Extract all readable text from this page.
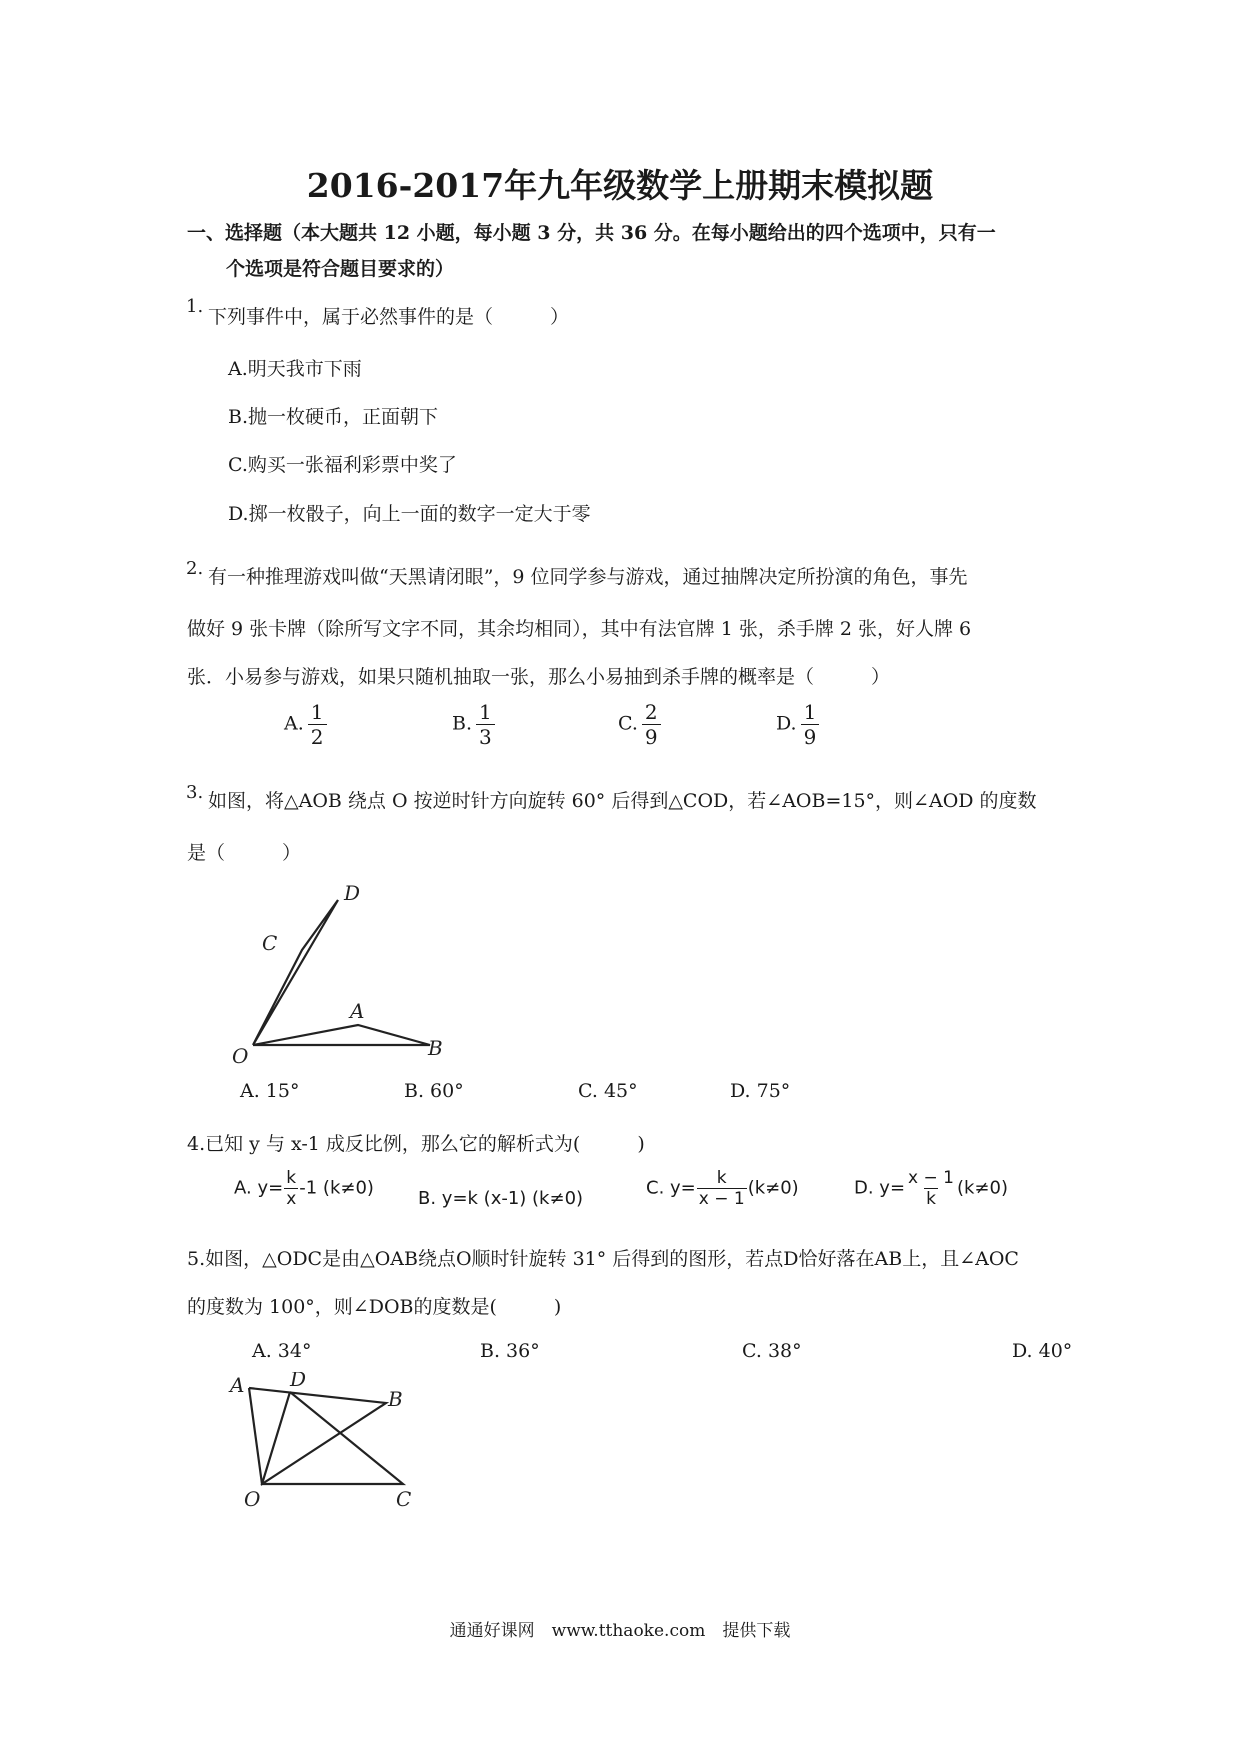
2016-2017年九年级数学上册期末模拟题
一、选择题（本大题共 12 小题，每小题 3 分，共 36 分。在每小题给出的四个选项中，只有一
个选项是符合题目要求的）
1. 下列事件中，属于必然事件的是（　　　）
A.明天我市下雨
B.抛一枚硬币，正面朝下
C.购买一张福利彩票中奖了
D.掷一枚骰子，向上一面的数字一定大于零
2. 有一种推理游戏叫做“天黑请闭眼”，9 位同学参与游戏，通过抽牌决定所扮演的角色，事先
做好 9 张卡牌（除所写文字不同，其余均相同），其中有法官牌 1 张，杀手牌 2 张，好人牌 6
张．小易参与游戏，如果只随机抽取一张，那么小易抽到杀手牌的概率是（　　　）
A. $\frac{1}{2}$	B. $\frac{1}{3}$	C. $\frac{2}{9}$	D. $\frac{1}{9}$
3. 如图，将△AOB 绕点 O 按逆时针方向旋转 60° 后得到△COD，若∠AOB=15°，则∠AOD 的度数
是（　　　）
O
A
B
C
D
A. 15°	B. 60°	C. 45°	D. 75°
4.已知 y 与 x-1 成反比例，那么它的解析式为(　　　)
A. $y= \frac{k}{x} -1$ (k≠0) B. y=k (x-1) (k≠0)	C. $y= \frac{k}{x - 1} (k\ne 0)$	D. $y= \frac{x - 1}{k} (k\ne 0)$
5.如图，△ODC是由△OAB绕点O顺时针旋转 31° 后得到的图形，若点D恰好落在AB上，且∠AOC
的度数为 100°，则∠DOB的度数是(　　　)
A. 34°	B. 36°	C. 38°	D. 40°
A D
B
O	C
通通好课网　www.tthaoke.com　提供下载
